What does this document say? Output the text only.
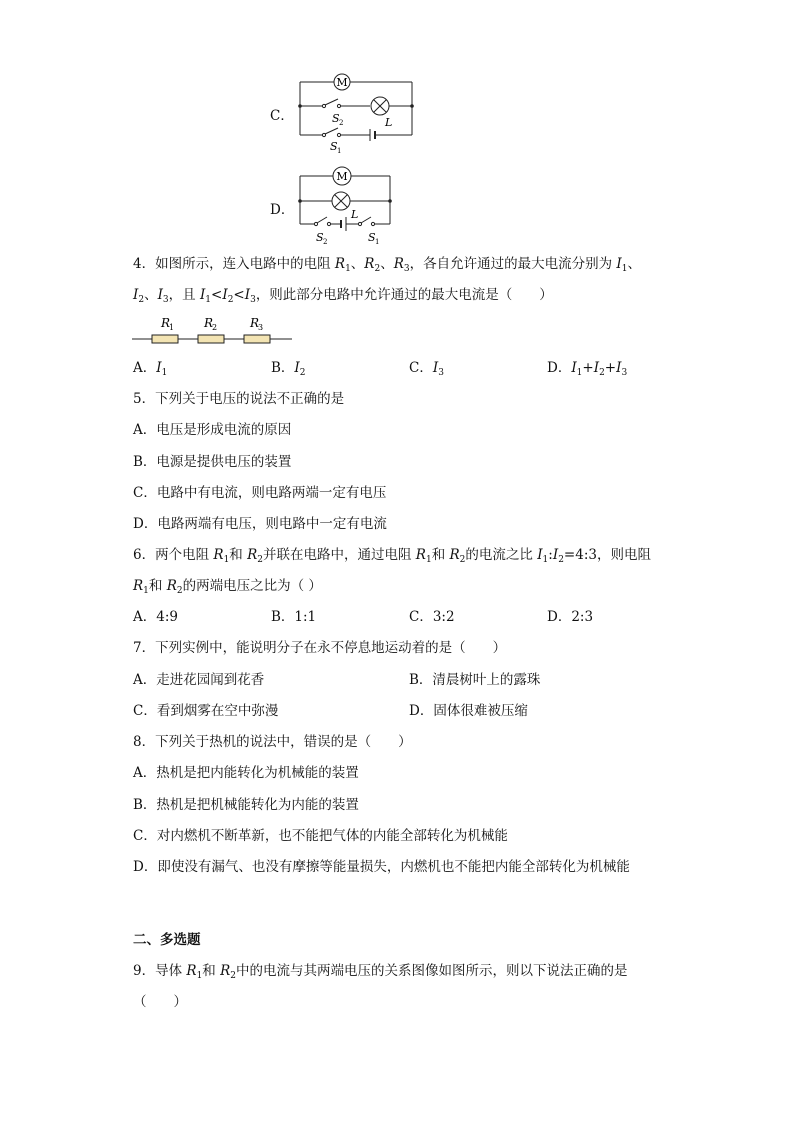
C．
M
S 2	L
S 1
D．
M
L
S 2	S 1
4．如图所示，连入电路中的电阻 $R_1$、$R_2$、$R_3$，各自允许通过的最大电流分别为 $I_1$、
$I_2$、$I_3$，且 $I_1<I_2<I_3$，则此部分电路中允许通过的最大电流是（　　）
R
1 R
2	R
3
A．$I_1$	B．$I_2$	C．$I_3$	D．$I_1+I_2+I_3$
5．下列关于电压的说法不正确的是
A．电压是形成电流的原因
B．电源是提供电压的装置
C．电路中有电流，则电路两端一定有电压
D．电路两端有电压，则电路中一定有电流
6．两个电阻 $R_1$和 $R_2$并联在电路中，通过电阻 $R_1$和 $R_2$的电流之比 $I_1:I_2=4:3$，则电阻
$R_1$和 $R_2$的两端电压之比为（ ）
A．4:9	B．1:1	C．3:2	D．2:3
7．下列实例中，能说明分子在永不停息地运动着的是（　　）
A．走进花园闻到花香	B．清晨树叶上的露珠
C．看到烟雾在空中弥漫	D．固体很难被压缩
8．下列关于热机的说法中，错误的是（　　）
A．热机是把内能转化为机械能的装置
B．热机是把机械能转化为内能的装置
C．对内燃机不断革新，也不能把气体的内能全部转化为机械能
D．即使没有漏气、也没有摩擦等能量损失，内燃机也不能把内能全部转化为机械能
二、多选题
9．导体 $R_1$和 $R_2$中的电流与其两端电压的关系图像如图所示，则以下说法正确的是
（　　）
